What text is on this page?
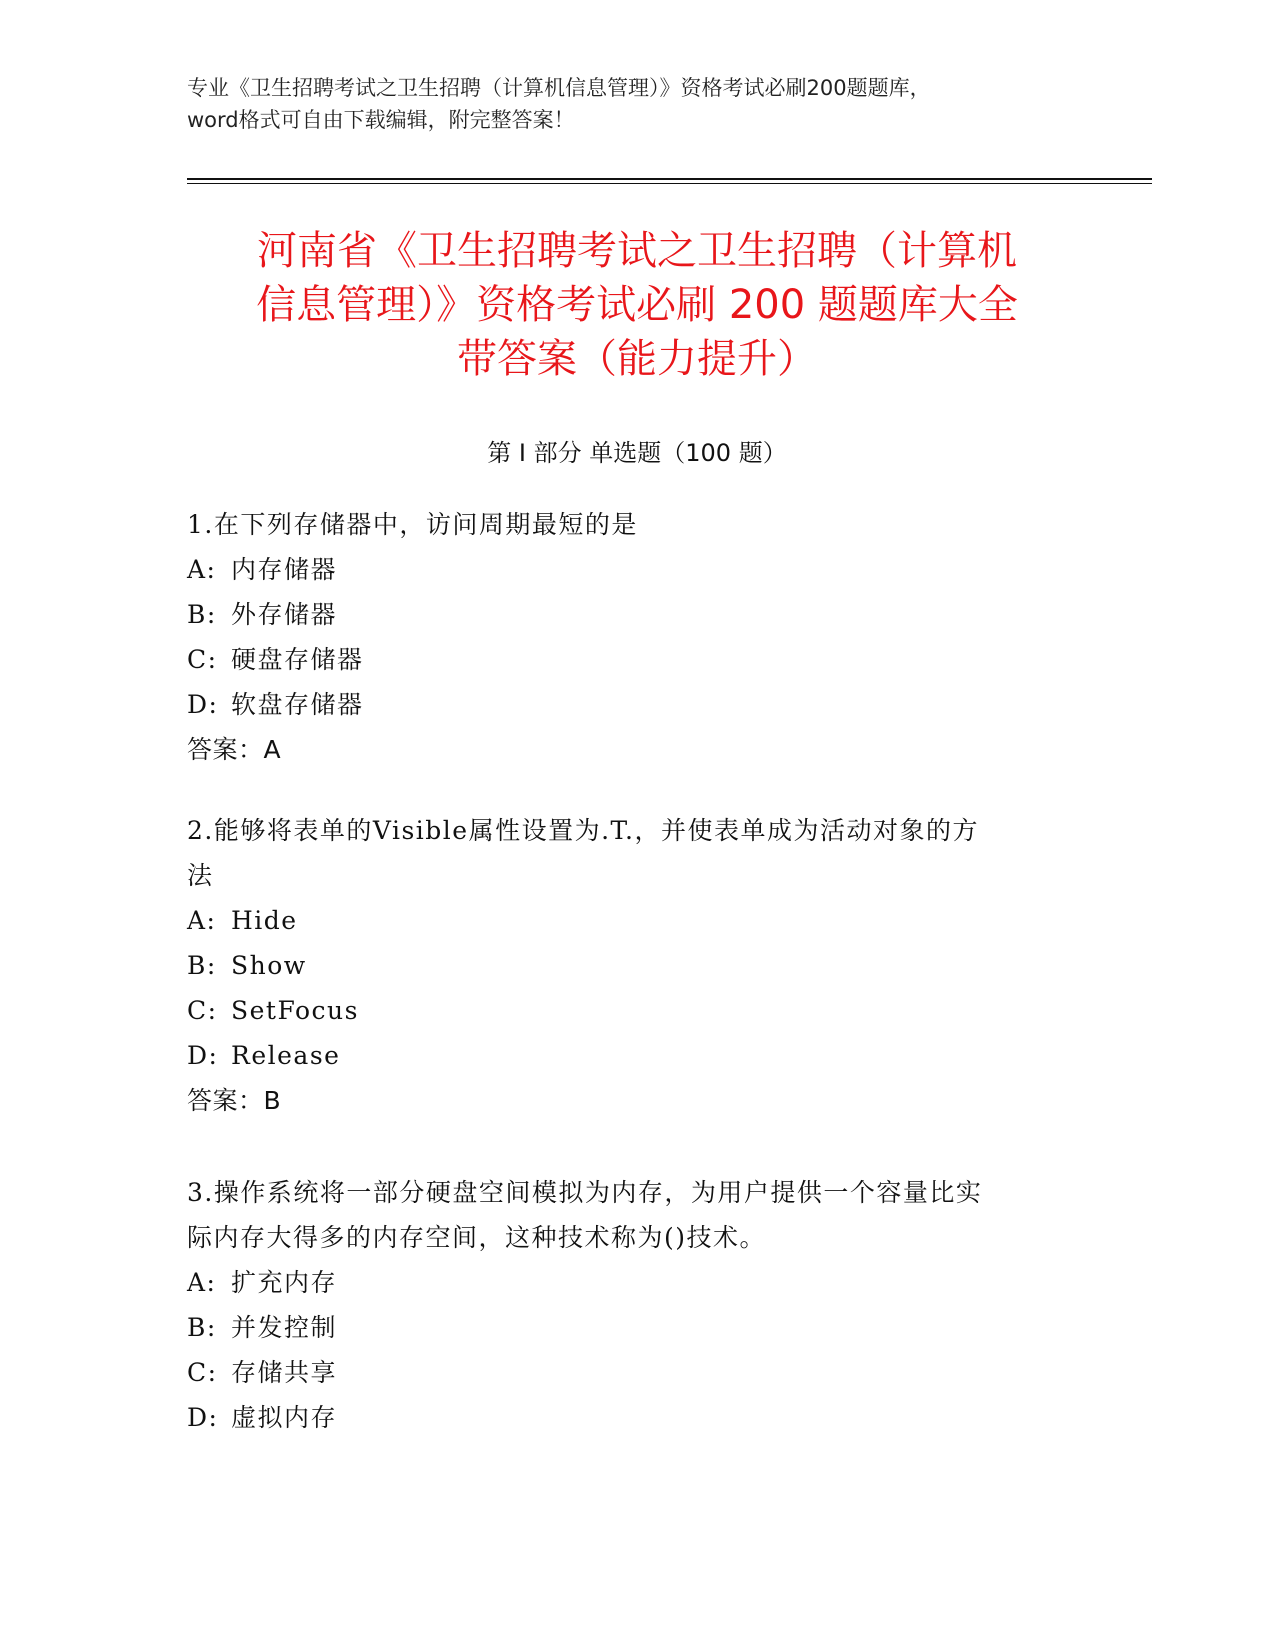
专业《卫生招聘考试之卫生招聘（计算机信息管理）》资格考试必刷200题题库，
word格式可自由下载编辑，附完整答案！
河南省《卫生招聘考试之卫生招聘（计算机
信息管理）》资格考试必刷 200 题题库大全
带答案（能力提升）
第 I 部分 单选题（100 题）
1.在下列存储器中，访问周期最短的是
A: 内存储器
B: 外存储器
C: 硬盘存储器
D: 软盘存储器
答案：A
2.能够将表单的Visible属性设置为.T.，并使表单成为活动对象的方
法
A: Hide
B: Show
C: SetFocus
D: Release
答案：B
3.操作系统将一部分硬盘空间模拟为内存，为用户提供一个容量比实
际内存大得多的内存空间，这种技术称为()技术。
A: 扩充内存
B: 并发控制
C: 存储共享
D: 虚拟内存
